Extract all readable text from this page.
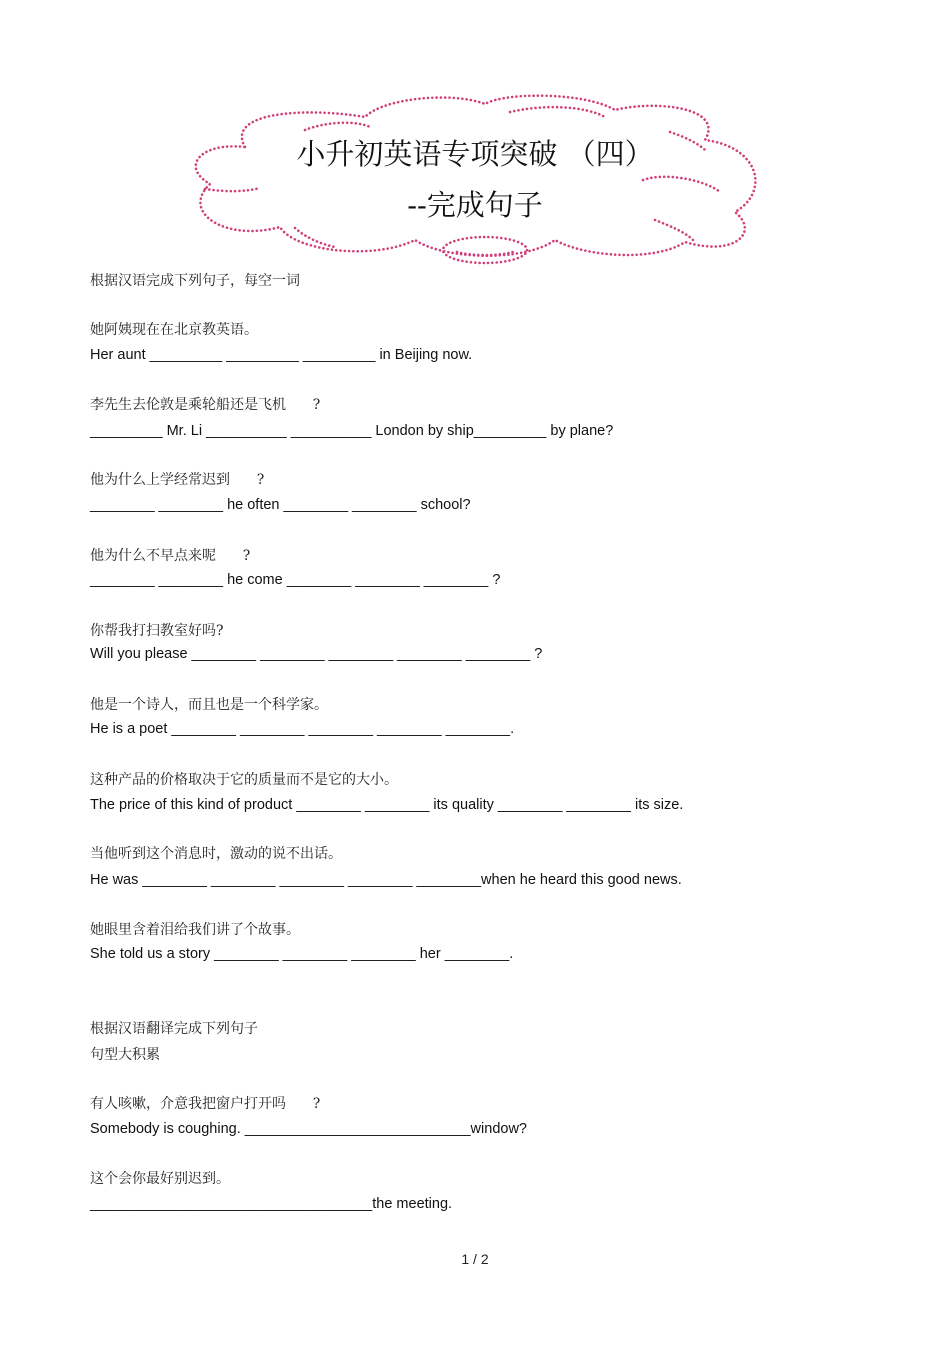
小升初英语专项突破 （四）
--完成句子
根据汉语完成下列句子，每空一词
她阿姨现在在北京教英语。
Her aunt _________ _________ _________ in Beijing now.
李先生去伦敦是乘轮船还是飞机      ?
_________ Mr. Li __________ __________ London by ship_________ by plane?
他为什么上学经常迟到      ?
________ ________ he often ________ ________ school?
他为什么不早点来呢      ?
________ ________ he come ________ ________ ________ ?
你帮我打扫教室好吗?
Will you please ________ ________ ________ ________ ________ ?
他是一个诗人，而且也是一个科学家。
He is a poet ________ ________ ________ ________ ________.
这种产品的价格取决于它的质量而不是它的大小。
The price of this kind of product ________ ________ its quality ________ ________ its size.
当他听到这个消息时，激动的说不出话。
He was ________ ________ ________ ________ ________when he heard this good news.
她眼里含着泪给我们讲了个故事。
She told us a story ________ ________ ________ her ________.
根据汉语翻译完成下列句子
句型大积累
有人咳嗽，介意我把窗户打开吗      ?
Somebody is coughing. ____________________________window?
这个会你最好别迟到。
___________________________________the meeting.
1 / 2
